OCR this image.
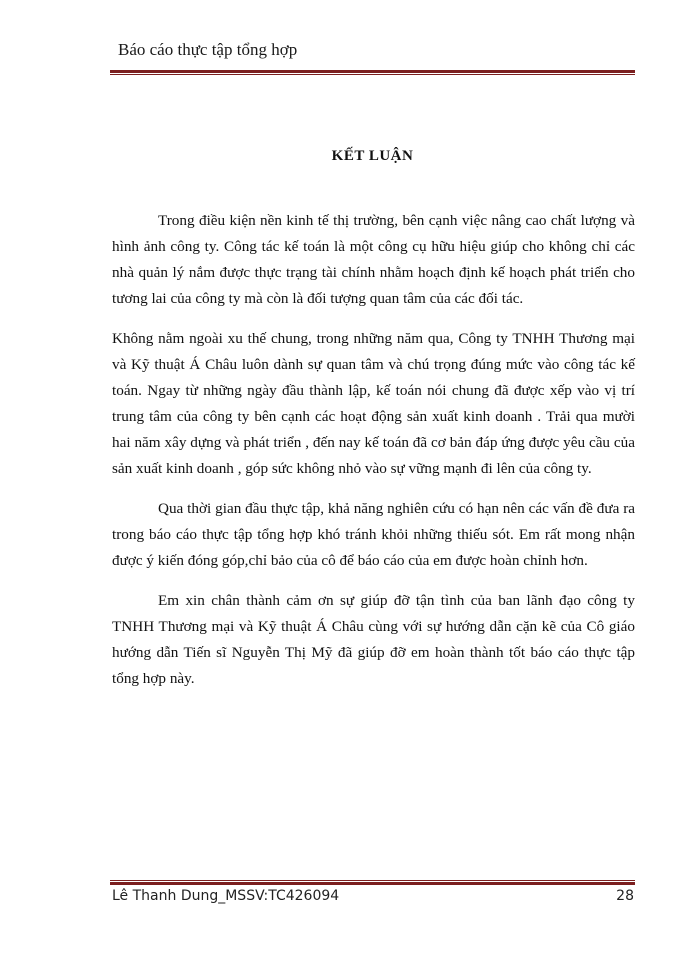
Báo cáo thực tập tổng hợp
KẾT LUẬN

Trong điều kiện nền kinh tế thị trường, bên cạnh việc nâng cao chất lượng và hình ảnh công ty. Công tác kế toán là một công cụ hữu hiệu giúp cho không chỉ các nhà quản lý nắm được thực trạng tài chính nhằm hoạch định kế hoạch phát triển cho tương lai của công ty mà còn là đối tượng quan tâm của các đối tác.

Không nằm ngoài xu thế chung, trong những năm qua, Công ty TNHH Thương mại và Kỹ thuật Á Châu luôn dành sự quan tâm và chú trọng đúng mức vào công tác kế toán. Ngay từ những ngày đầu thành lập, kế toán nói chung đã được xếp vào vị trí trung tâm của công ty bên cạnh các hoạt động sản xuất kinh doanh . Trải qua mười hai năm xây dựng và phát triển , đến nay kế toán đã cơ bản đáp ứng được yêu cầu của sản xuất kinh doanh , góp sức không nhỏ vào sự vững mạnh đi lên của công ty.

Qua thời gian đầu thực tập, khả năng nghiên cứu có hạn nên các vấn đề đưa ra trong báo cáo thực tập tổng hợp khó tránh khỏi những thiếu sót. Em rất mong nhận được ý kiến đóng góp,chỉ bảo của cô để báo cáo của em được hoàn chỉnh hơn.

Em xin chân thành cảm ơn sự giúp đỡ tận tình của ban lãnh đạo công ty TNHH Thương mại và Kỹ thuật Á Châu cùng với sự hướng dẫn cặn kẽ của Cô giáo hướng dẫn Tiến sĩ Nguyễn Thị Mỹ đã giúp đỡ em hoàn thành tốt báo cáo thực tập tổng hợp này.

Lê Thanh Dung_MSSV:TC426094	28
